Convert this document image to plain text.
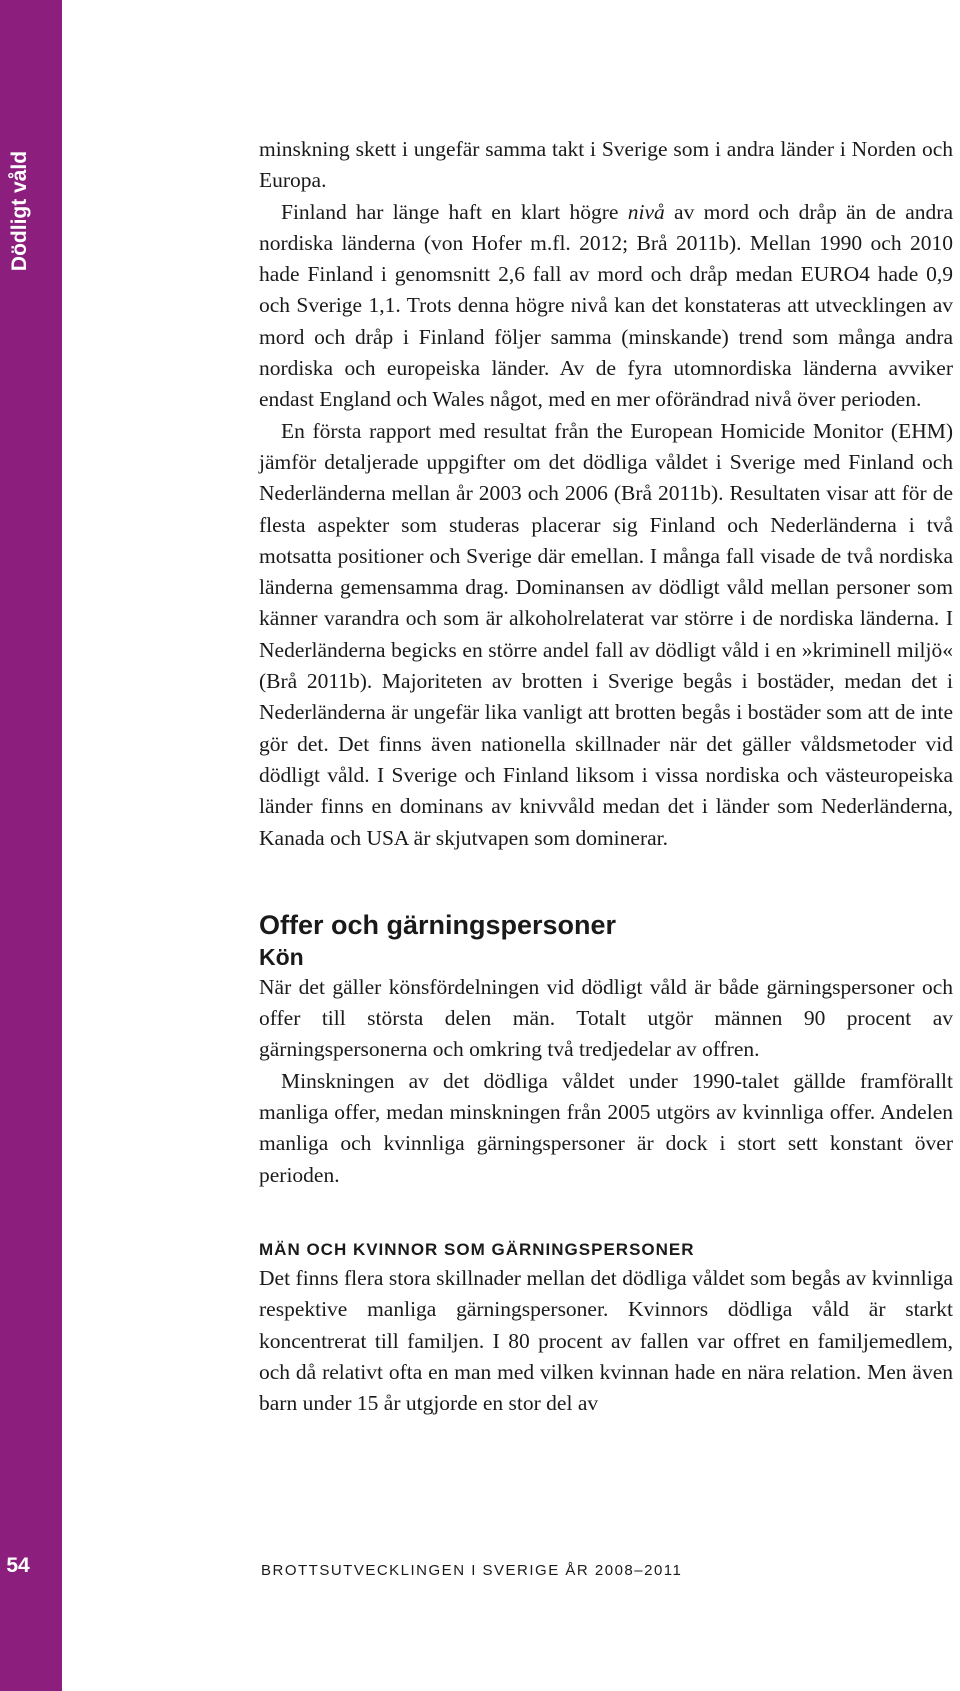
Dödligt våld
54

minskning skett i ungefär samma takt i Sverige som i andra länder i Norden och Europa.

Finland har länge haft en klart högre nivå av mord och dråp än de andra nordiska länderna (von Hofer m.fl. 2012; Brå 2011b). Mellan 1990 och 2010 hade Finland i genomsnitt 2,6 fall av mord och dråp medan EURO4 hade 0,9 och Sverige 1,1. Trots denna högre nivå kan det konstateras att utvecklingen av mord och dråp i Finland följer samma (minskande) trend som många andra nordiska och europeiska länder. Av de fyra utomnordiska länderna avviker endast England och Wales något, med en mer oförändrad nivå över perioden.

En första rapport med resultat från the European Homicide Monitor (EHM) jämför detaljerade uppgifter om det dödliga våldet i Sverige med Finland och Nederländerna mellan år 2003 och 2006 (Brå 2011b). Resultaten visar att för de flesta aspekter som studeras placerar sig Finland och Nederländerna i två motsatta positioner och Sverige där emellan. I många fall visade de två nordiska länderna gemensamma drag. Dominansen av dödligt våld mellan personer som känner varandra och som är alkoholrelaterat var större i de nordiska länderna. I Nederländerna begicks en större andel fall av dödligt våld i en »kriminell miljö« (Brå 2011b). Majoriteten av brotten i Sverige begås i bostäder, medan det i Nederländerna är ungefär lika vanligt att brotten begås i bostäder som att de inte gör det. Det finns även nationella skillnader när det gäller våldsmetoder vid dödligt våld. I Sverige och Finland liksom i vissa nordiska och västeuropeiska länder finns en dominans av knivvåld medan det i länder som Nederländerna, Kanada och USA är skjutvapen som dominerar.

Offer och gärningspersoner
Kön

När det gäller könsfördelningen vid dödligt våld är både gärningspersoner och offer till största delen män. Totalt utgör männen 90 procent av gärningspersonerna och omkring två tredjedelar av offren.

Minskningen av det dödliga våldet under 1990-talet gällde framförallt manliga offer, medan minskningen från 2005 utgörs av kvinnliga offer. Andelen manliga och kvinnliga gärningspersoner är dock i stort sett konstant över perioden.

MÄN OCH KVINNOR SOM GÄRNINGSPERSONER

Det finns flera stora skillnader mellan det dödliga våldet som begås av kvinnliga respektive manliga gärningspersoner. Kvinnors dödliga våld är starkt koncentrerat till familjen. I 80 procent av fallen var offret en familjemedlem, och då relativt ofta en man med vilken kvinnan hade en nära relation. Men även barn under 15 år utgjorde en stor del av

BROTTSUTVECKLINGEN I SVERIGE ÅR 2008–2011
